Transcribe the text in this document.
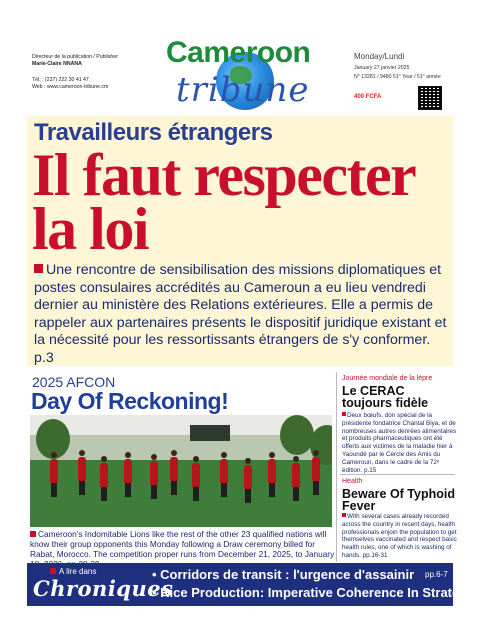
Directeur de la publication / Publisher
Marie-Claire NNANA
Tél. : (237) 222 30 41 47
Web : www.cameroon-tribune.cm
Cameroon
tribune
Monday/Lundi
January 27 janvier 2025
N° 13281 / 9480 51° Year / 51° année
400 FCFA
Travailleurs étrangers
Il faut respecter la loi
Une rencontre de sensibilisation des missions diplomatiques et postes consulaires accrédités au Cameroun a eu lieu vendredi dernier au ministère des Relations extérieures. Elle a permis de rappeler aux partenaires présents le dispositif juridique existant et la nécessité pour les ressortissants étrangers de s'y conformer. p.3
2025 AFCON
Day Of Reckoning!
Cameroon's Indomitable Lions like the rest of the other 23 qualified nations will know their group opponents this Monday following a Draw ceremony billed for Rabat, Morocco. The competition proper runs from December 21, 2025, to January
Journée mondiale de la lèpre
Le CERAC toujours fidèle
Deux bœufs, don spécial de la présidente fondatrice Chantal Biya, et de nombreuses autres denrées alimentaires et produits pharmaceutiques ont été offerts aux victimes de la maladie hier à Yaoundé par le Cercle des Amis du Cameroun, dans le cadre de la 72ᵉ édition. p.15
Health
Beware Of Typhoid Fever
With several cases already recorded across the country in recent days, health professionals enjoin the population to get themselves vaccinated and respect basic health rules, one of which is washing of hands. pp.16-31
A lire dans
Chroniques
• Corridors de transit : l'urgence d'assainir
• Rice Production: Imperative Coherence In Strategy
pp.6-7
